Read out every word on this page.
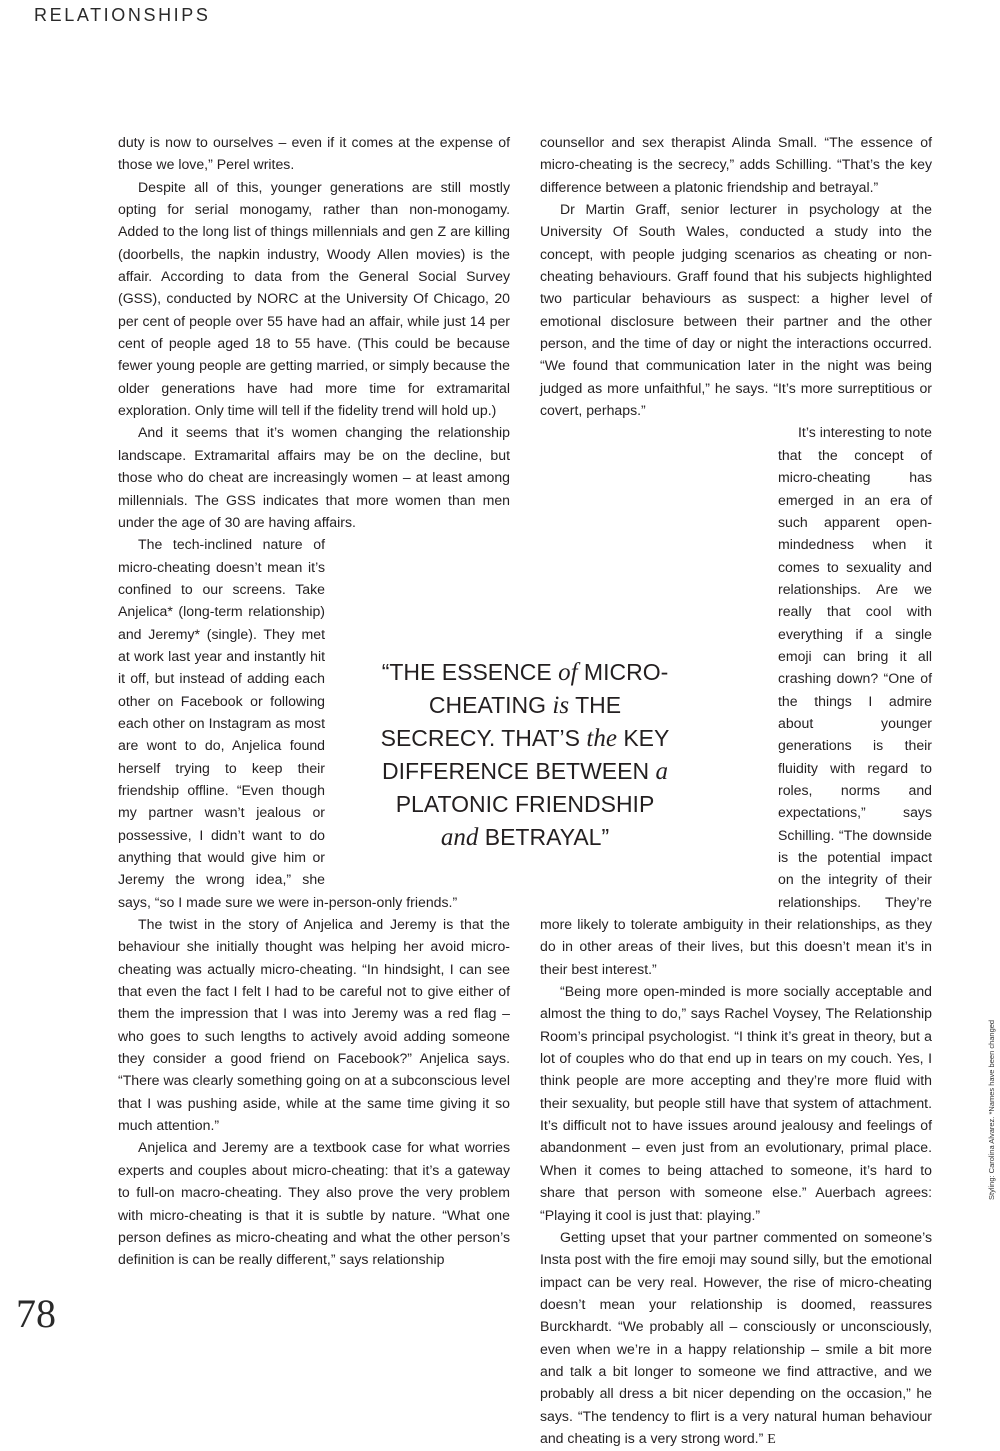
RELATIONSHIPS

duty is now to ourselves – even if it comes at the expense of those we love,” Perel writes.

Despite all of this, younger generations are still mostly opting for serial monogamy, rather than non-monogamy. Added to the long list of things millennials and gen Z are killing (doorbells, the napkin industry, Woody Allen movies) is the affair. According to data from the General Social Survey (GSS), conducted by NORC at the University Of Chicago, 20 per cent of people over 55 have had an affair, while just 14 per cent of people aged 18 to 55 have. (This could be because fewer young people are getting married, or simply because the older generations have had more time for extramarital exploration. Only time will tell if the fidelity trend will hold up.)

And it seems that it’s women changing the relationship landscape. Extramarital affairs may be on the decline, but those who do cheat are increasingly women – at least among millennials. The GSS indicates that more women than men under the age of 30 are having affairs.

The tech-inclined nature of micro-cheating doesn’t mean it’s confined to our screens. Take Anjelica* (long-term relationship) and Jeremy* (single). They met at work last year and instantly hit it off, but instead of adding each other on Facebook or following each other on Instagram as most are wont to do, Anjelica found herself trying to keep their friendship offline. “Even though my partner wasn’t jealous or possessive, I didn’t want to do anything that would give him or Jeremy the wrong idea,” she says, “so I made sure we were in-person-only friends.”

The twist in the story of Anjelica and Jeremy is that the behaviour she initially thought was helping her avoid micro-cheating was actually micro-cheating. “In hindsight, I can see that even the fact I felt I had to be careful not to give either of them the impression that I was into Jeremy was a red flag – who goes to such lengths to actively avoid adding someone they consider a good friend on Facebook?” Anjelica says. “There was clearly something going on at a subconscious level that I was pushing aside, while at the same time giving it so much attention.”

Anjelica and Jeremy are a textbook case for what worries experts and couples about micro-cheating: that it’s a gateway to full-on macro-cheating. They also prove the very problem with micro-cheating is that it is subtle by nature. “What one person defines as micro-cheating and what the other person’s definition is can be really different,” says relationship

counsellor and sex therapist Alinda Small. “The essence of micro-cheating is the secrecy,” adds Schilling. “That’s the key difference between a platonic friendship and betrayal.”

Dr Martin Graff, senior lecturer in psychology at the University Of South Wales, conducted a study into the concept, with people judging scenarios as cheating or non-cheating behaviours. Graff found that his subjects highlighted two particular behaviours as suspect: a higher level of emotional disclosure between their partner and the other person, and the time of day or night the interactions occurred. “We found that communication later in the night was being judged as more unfaithful,” he says. “It’s more surreptitious or covert, perhaps.”

It’s interesting to note that the concept of micro-cheating has emerged in an era of such apparent open-mindedness when it comes to sexuality and relationships. Are we really that cool with everything if a single emoji can bring it all crashing down? “One of the things I admire about younger generations is their fluidity with regard to roles, norms and expectations,” says Schilling. “The downside is the potential impact on the integrity of their relationships. They’re more likely to tolerate ambiguity in their relationships, as they do in other areas of their lives, but this doesn’t mean it’s in their best interest.”

“Being more open-minded is more socially acceptable and almost the thing to do,” says Rachel Voysey, The Relationship Room’s principal psychologist. “I think it’s great in theory, but a lot of couples who do that end up in tears on my couch. Yes, I think people are more accepting and they’re more fluid with their sexuality, but people still have that system of attachment. It’s difficult not to have issues around jealousy and feelings of abandonment – even just from an evolutionary, primal place. When it comes to being attached to someone, it’s hard to share that person with someone else.” Auerbach agrees: “Playing it cool is just that: playing.”

Getting upset that your partner commented on someone’s Insta post with the fire emoji may sound silly, but the emotional impact can be very real. However, the rise of micro-cheating doesn’t mean your relationship is doomed, reassures Burckhardt. “We probably all – consciously or unconsciously, even when we’re in a happy relationship – smile a bit more and talk a bit longer to someone we find attractive, and we probably all dress a bit nicer depending on the occasion,” he says. “The tendency to flirt is a very natural human behaviour and cheating is a very strong word.” E

“THE ESSENCE of MICRO-CHEATING is THE SECRECY. THAT’S the KEY DIFFERENCE BETWEEN a PLATONIC FRIENDSHIP and BETRAYAL”
78
Styling: Carolina Alvarez. *Names have been changed
